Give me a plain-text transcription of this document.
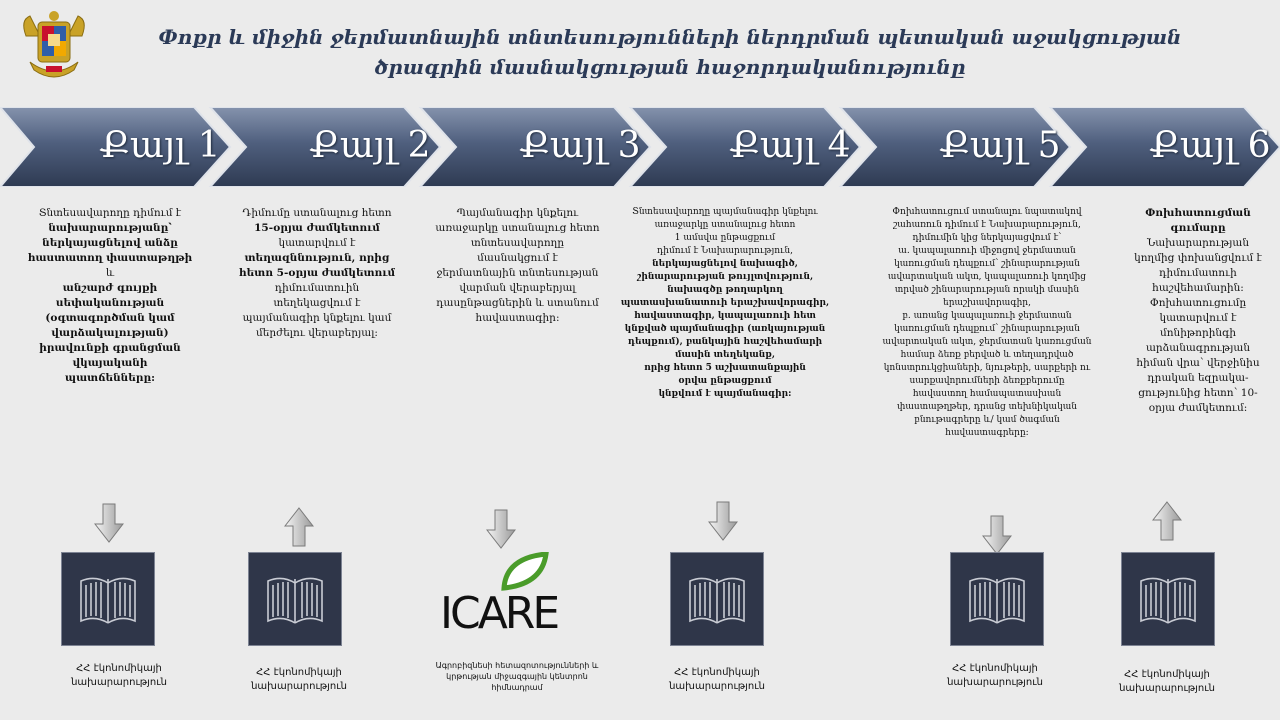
Փոքր և միջին ջերմատնային տնտեսությունների ներդրման պետական աջակցության
ծրագրին մասնակցության հաջորդականությունը
Քայլ 1	Քայլ 2	Քայլ 3	Քայլ 4	Քայլ 5	Քայլ 6
Տնտեսավարողը դիմում է
նախարարությանը՝
ներկայացնելով անձը
հաստատող փաստաթղթի
և
անշարժ գույքի
սեփականության
(օգտագործման կամ
վարձակալության)
իրավունքի գրանցման
վկայականի
պատճենները:
Դիմումը ստանալուց հետո
15-օրյա ժամկետում
կատարվում է
տեղազննություն, որից
հետո 5-օրյա ժամկետում
դիմումատուին
տեղեկացվում է
պայմանագիր կնքելու կամ
մերժելու վերաբերյալ:
Պայմանագիր կնքելու
առաջարկը ստանալուց հետո
տնտեսավարողը
մասնակցում է
ջերմատնային տնտեսության
վարման վերաբերյալ
դասընթացներին և ստանում
հավաստագիր:
Տնտեսավարողը պայմանագիր կնքելու
առաջարկը ստանալուց հետո
1 ամսվա ընթացքում
դիմում է Նախարարություն,
ներկայացնելով նախագիծ,
շինարարության թույլտվություն,
նախագծը թողարկող
պատասխանատուի երաշխավորագիր,
հավաստագիր, կապալառուի հետ
կնքված պայմանագիր (առկայության
դեպքում), բանկային հաշվեհամարի
մասին տեղեկանք,
որից հետո 5 աշխատանքային
օրվա ընթացքում
կնքվում է պայմանագիր:
Փոխհատուցում ստանալու նպատակով
շահառուն դիմում է Նախարարություն,
դիմումին կից ներկայացվում է՝
ա. կապալառուի միջոցով ջերմատան
կառուցման դեպքում՝ շինարարության
ավարտական ակտ, կապալառուի կողմից
տրված շինարարության որակի մասին
երաշխավորագիր,
բ. առանց կապալառուի ջերմատան
կառուցման դեպքում՝ շինարարության
ավարտական ակտ, ջերմատան կառուցման
համար ձեռք բերված և տեղադրված
կոնստրուկցիաների, նյութերի, սարքերի ու
սարքավորումների ձեռքբերումը
հավաստող համապատասխան
փաստաթղթեր, դրանց տեխնիկական
բնութագրերը և/ կամ ծագման
հավաստագրերը:
Փոխհատուցման
գումարը
Նախարարության
կողմից փոխանցվում է
դիմումատուի
հաշվեհամարին:
Փոխհատուցումը
կատարվում է
մոնիթորինգի
արձանագրության
հիման վրա՝ վերջինիս
դրական եզրակա-
ցությունից հետո՝ 10-
օրյա ժամկետում:
ICARE
Ագրոբիզնեսի հետազոտությունների և
կրթության միջազգային կենտրոն
հիմնադրամ
ՀՀ էկոնոմիկայի
նախարարություն
ՀՀ էկոնոմիկայի
նախարարություն
ՀՀ էկոնոմիկայի
նախարարություն
ՀՀ էկոնոմիկայի
նախարարություն
ՀՀ էկոնոմիկայի
նախարարություն
